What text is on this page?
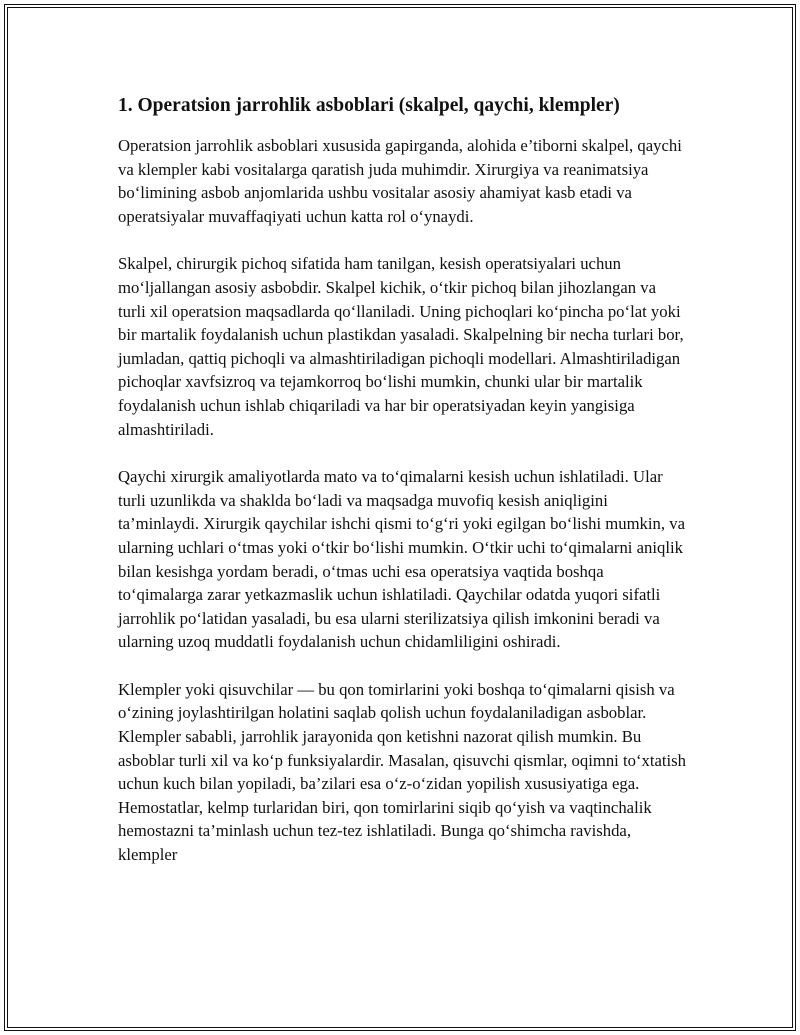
1. Operatsion jarrohlik asboblari (skalpel, qaychi, klempler)

Operatsion jarrohlik asboblari xususida gapirganda, alohida e’tiborni skalpel, qaychi va klempler kabi vositalarga qaratish juda muhimdir. Xirurgiya va reanimatsiya bo‘limining asbob anjomlarida ushbu vositalar asosiy ahamiyat kasb etadi va operatsiyalar muvaffaqiyati uchun katta rol o‘ynaydi.

Skalpel, chirurgik pichoq sifatida ham tanilgan, kesish operatsiyalari uchun mo‘ljallangan asosiy asbobdir. Skalpel kichik, o‘tkir pichoq bilan jihozlangan va turli xil operatsion maqsadlarda qo‘llaniladi. Uning pichoqlari ko‘pincha po‘lat yoki bir martalik foydalanish uchun plastikdan yasaladi. Skalpelning bir necha turlari bor, jumladan, qattiq pichoqli va almashtiriladigan pichoqli modellari. Almashtiriladigan pichoqlar xavfsizroq va tejamkorroq bo‘lishi mumkin, chunki ular bir martalik foydalanish uchun ishlab chiqariladi va har bir operatsiyadan keyin yangisiga almashtiriladi.

Qaychi xirurgik amaliyotlarda mato va to‘qimalarni kesish uchun ishlatiladi. Ular turli uzunlikda va shaklda bo‘ladi va maqsadga muvofiq kesish aniqligini ta’minlaydi. Xirurgik qaychilar ishchi qismi to‘g‘ri yoki egilgan bo‘lishi mumkin, va ularning uchlari o‘tmas yoki o‘tkir bo‘lishi mumkin. O‘tkir uchi to‘qimalarni aniqlik bilan kesishga yordam beradi, o‘tmas uchi esa operatsiya vaqtida boshqa to‘qimalarga zarar yetkazmaslik uchun ishlatiladi. Qaychilar odatda yuqori sifatli jarrohlik po‘latidan yasaladi, bu esa ularni sterilizatsiya qilish imkonini beradi va ularning uzoq muddatli foydalanish uchun chidamliligini oshiradi.

Klempler yoki qisuvchilar — bu qon tomirlarini yoki boshqa to‘qimalarni qisish va o‘zining joylashtirilgan holatini saqlab qolish uchun foydalaniladigan asboblar. Klempler sababli, jarrohlik jarayonida qon ketishni nazorat qilish mumkin. Bu asboblar turli xil va ko‘p funksiyalardir. Masalan, qisuvchi qismlar, oqimni to‘xtatish uchun kuch bilan yopiladi, ba’zilari esa o‘z-o‘zidan yopilish xususiyatiga ega. Hemostatlar, kelmp turlaridan biri, qon tomirlarini siqib qo‘yish va vaqtinchalik hemostazni ta’minlash uchun tez-tez ishlatiladi. Bunga qo‘shimcha ravishda, klempler
